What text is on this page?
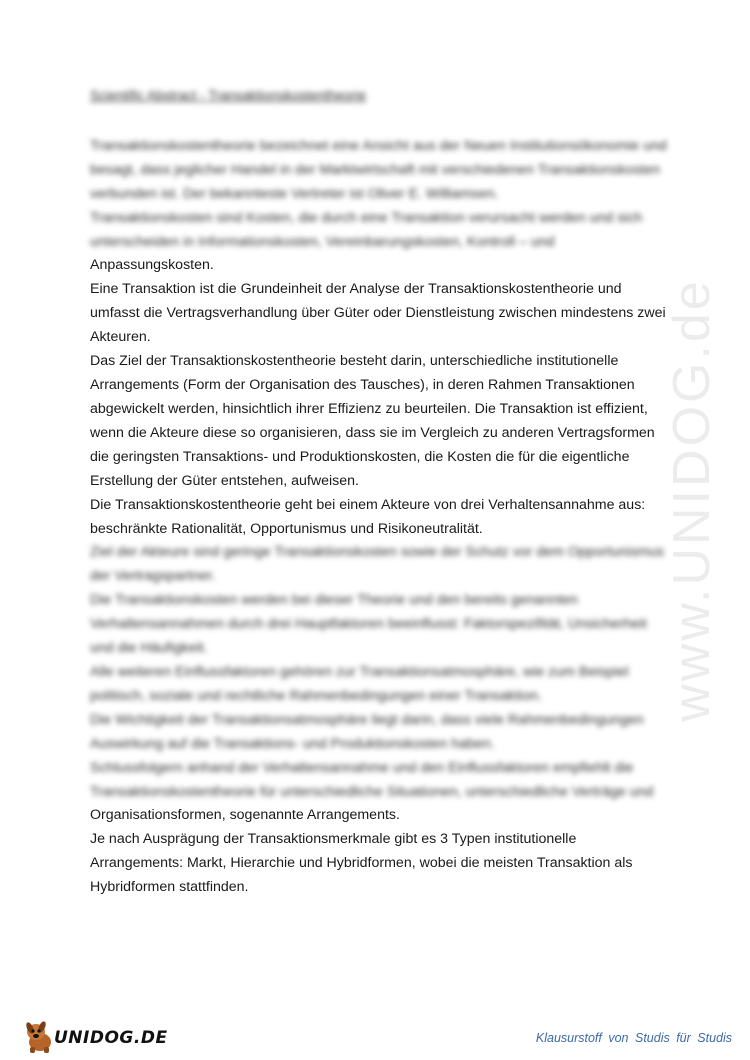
www.UNIDOG.de
Scientific Abstract - Transaktionskostentheorie
Transaktionskostentheorie bezeichnet eine Ansicht aus der Neuen Institutionsökonomie und
besagt, dass jeglicher Handel in der Marktwirtschaft mit verschiedenen Transaktionskosten
verbunden ist. Der bekannteste Vertreter ist Oliver E. Williamsen.
Transaktionskosten sind Kosten, die durch eine Transaktion verursacht werden und sich
unterscheiden in Informationskosten, Vereinbarungskosten, Kontroll – und
Anpassungskosten.
Eine Transaktion ist die Grundeinheit der Analyse der Transaktionskostentheorie und
umfasst die Vertragsverhandlung über Güter oder Dienstleistung zwischen mindestens zwei
Akteuren.
Das Ziel der Transaktionskostentheorie besteht darin, unterschiedliche institutionelle
Arrangements (Form der Organisation des Tausches), in deren Rahmen Transaktionen
abgewickelt werden, hinsichtlich ihrer Effizienz zu beurteilen. Die Transaktion ist effizient,
wenn die Akteure diese so organisieren, dass sie im Vergleich zu anderen Vertragsformen
die geringsten Transaktions- und Produktionskosten, die Kosten die für die eigentliche
Erstellung der Güter entstehen, aufweisen.
Die Transaktionskostentheorie geht bei einem Akteure von drei Verhaltensannahme aus:
beschränkte Rationalität, Opportunismus und Risikoneutralität.
Ziel der Akteure sind geringe Transaktionskosten sowie der Schutz vor dem Opportunismus
der Vertragspartner.
Die Transaktionskosten werden bei dieser Theorie und den bereits genannten
Verhaltensannahmen durch drei Hauptfaktoren beeinflusst: Faktorspezifität, Unsicherheit
und die Häufigkeit.
Alle weiteren Einflussfaktoren gehören zur Transaktionsatmosphäre, wie zum Beispiel
politisch, soziale und rechtliche Rahmenbedingungen einer Transaktion.
Die Wichtigkeit der Transaktionsatmosphäre liegt darin, dass viele Rahmenbedingungen
Auswirkung auf die Transaktions- und Produktionskosten haben.
Schlussfolgern anhand der Verhaltensannahme und den Einflussfaktoren empfiehlt die
Transaktionskostentheorie für unterschiedliche Situationen, unterschiedliche Verträge und
Organisationsformen, sogenannte Arrangements.
Je nach Ausprägung der Transaktionsmerkmale gibt es 3 Typen institutionelle
Arrangements: Markt, Hierarchie und Hybridformen, wobei die meisten Transaktion als
Hybridformen stattfinden.
UNIDOG.DE	Klausurstoff von Studis für Studis
